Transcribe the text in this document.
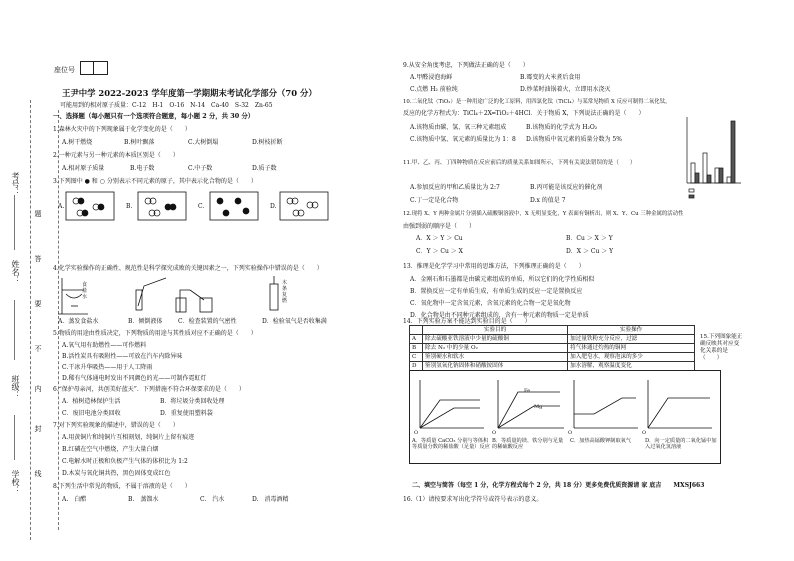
座位号
学校：
班级：
姓名：
考号：
线
封
内
不
要
答
题
王尹中学 2022-2023 学年度第一学期期末考试化学部分（70 分）
可能用到的相对原子质量：C-12　H-1　O-16　N-14　Ca-40　S-32　Zn-65
一、选择题（每小题只有一个选项符合题意，每小题 2 分，共 30 分）
1.森林火灾中的下列现象属于化学变化的是（　　）
A.树干燃烧	B.树叶飘落	C.大树倒塌	D.树枝折断
2.一种元素与另一种元素的本质区别是（　　）
A.相对原子质量	B.电子数	C.中子数	D.质子数
3.下列图中 ● 和 ○ 分别表示不同元素的原子，其中表示化合物的是（　　）
A.	B.	C.	D.
4.化学实验操作的正确性、规范性是科学探究成败的关键因素之一，下列实验操作中错误的是（　　）
食盐水
木条复燃
A．蒸发食盐水	B．倾倒液体	C．检查装置的气密性	D．检验氧气是否收集满
5.物质的用途由性质决定，下列物质的用途与其性质对应不正确的是（　　）
A.氧气用有助燃性——可作燃料
B.活性炭具有吸附性——可放在汽车内除异味
C.干冰升华吸热——用于人工降雨
D.稀有气体通电时发出不同颜色的光——可制作霓虹灯
6.“保护母亲河，共创美好蓝天”．下列措施不符合环保要求的是（　　）
A．植树造林保护生活	B．将垃圾分类回收处理
C．废旧电池分类回收	D．重复使用塑料袋
7.对下列实验现象的描述中，错误的是（　　）
A.用黄铜片和纯铜片互相刻划，纯铜片上留有痕迹
B.红磷在空气中燃烧，产生大量白烟
C.电解水时正极和负极产生气体的体积比为 1:2
D.木炭与氧化铜共热，黑色固体变成红色
8.下列生活中常见的物质，不属于溶液的是（　　）
A.　白醋	B.　蒸馏水	C.　汽水	D.　消毒酒精
9.从安全角度考虑，下列做法正确的是（　　）
A.甲醛浸泡海鲜	B.霉变的大米煮后食用
C.点燃 H₂ 前验纯	D.炒菜时油锅着火，立即用水浇灭
10.二氧化钛（TiO₂）是一种用途广泛的化工原料，用四氯化钛（TiCl₄）与某常见物质 X 反应可制得二氧化钛，
反应的化学方程式为：TiCl₄＋2X═TiO₂＋4HCl．关于物质 X，下列说法正确的是（　　）
A.该物质由碳、氢、氧三种元素组成	B.该物质的化学式为 H₂O₂
C.该物质中氢、氧元素的质量比为 1：8 D.该物质中氧元素的质量分数为 5%
11.甲、乙、丙、丁四种物质在反应前后的质量关系如图所示，下列有关说法错误的是（　　）
A.参加反应的甲和乙质量比为 2:7	B.丙可能是该反应的催化剂
C.丁一定是化合物	D.x 的值是 7
12.现将 X、Y 两种金属片分别插入硫酸铜溶液中，X 无明显变化，Y 表面有铜析出，则 X、Y、Cu 三种金属的活动性
由强到弱的顺序是（　　）
A．X ＞ Y ＞ Cu	B．Cu ＞ X ＞ Y
C．Y ＞ Cu ＞ X	D．X ＞ Cu ＞ Y
13．推理是化学学习中常用的思维方法，下列推理正确的是（　　）
A．金刚石和石墨都是由碳元素组成的单质，所以它们的化学性质相似
B．置换反应一定有单质生成，有单质生成的反应一定是置换反应
C．氧化物中一定含氧元素，含氧元素的化合物一定是氧化物
D．化合物是由不同种元素组成的，含有一种元素的物质一定是单质
14．下列实验方案不能达到实验目的是（　　）
	实验目的	实验操作
A	除去硫酸亚铁溶液中少量的硫酸铜	加过量铁粉充分反应，过滤
B	除去 N₂ 中的少量 O₂	将气体通过灼热的铜网
C	鉴别硬水和软水	加入肥皂水，观察泡沫的多少
D	鉴别氢氧化钠固体和硝酸铵固体	加水溶解，观察温度变化
15.下列图象能正确反映其对应变化关系的是（　　）
Fe
Mg
O	O	O	O
A．等质量 CaCO₃ 分别与等体积等质量分数的稀盐酸（足量）反应
B．等质量的镁、铁分别与足量的稀硫酸反应
C．加热高锰酸钾制取氧气	D．向一定质量的二氧化锰中加入过氧化氢溶液
二、填空与简答（每空 1 分，化学方程式每个 2 分，共 18 分）更多免费优质资源请 家 底吉　　MXSJ663
16.（1）请按要求写出化学符号或符号表示的意义。
